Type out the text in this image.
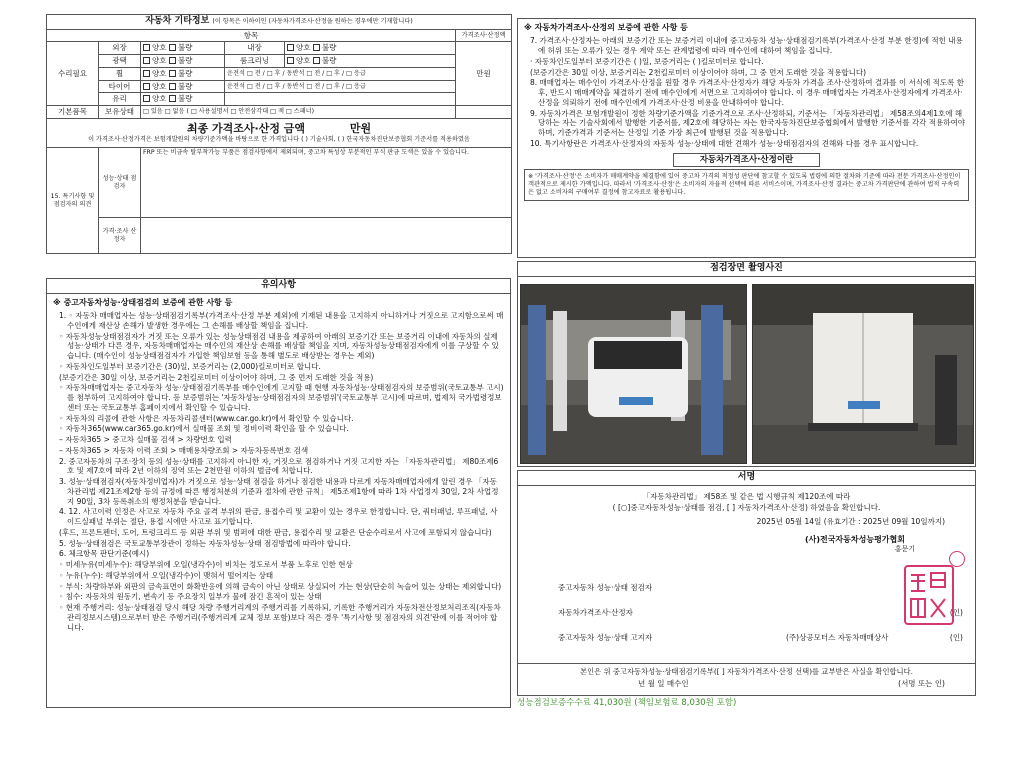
자동차 기타정보 (이 항목은 이하이인 (자동차가격조사·산정을 원하는 경우에만 기재합니다)					
항목					가격조사·산정액
수리필요	외장	양호 불량	내장	양호 불량	만원
	광택	양호 불량	룸크리닝	양호 불량	
	휠	양호 불량	운전석 □ 전 / □ 후 / 동반석 □ 전 / □ 후 / □ 응급		
	타이어	양호 불량	운전석 □ 전 / □ 후 / 동반석 □ 전 / □ 후 / □ 응급		
	유리	양호 불량			
기본품목	보유상태	□ 있음 □ 없음 ( □ 사용설명서 □ 안전삼각대 □ 잭 □ 스패너)			
최종 가격조사·산정 금액 만원
이 가격조사·산정가격은 보험개발원의 차량기준가액을 바탕으로 한 가격입니다 ( ) 기술사회, ( ) 한국자동차진단보증협회 기준서를 적용하였음					

15. 특기사항 및 점검자의 의견	성능·상태 점검자	FRP 또는 비금속 탈부착가능 부품은 점검사항에서 제외되며, 중고차 특성상 부분적인 부식 판금 도색은 있을 수 있습니다.			
	가격·조사 산정자				
유의사항
※ 중고자동차성능·상태점검의 보증에 관한 사항 등
1. ◦ 자동차 매매업자는 성능·상태점검기록부(가격조사·산정 부분 제외)에 기재된 내용을 고지하지 아니하거나 거짓으로 고지함으로써 매수인에게 재산상 손해가 발생한 경우에는 그 손해를 배상할 책임을 집니다.
◦ 자동차성능상태점검자가 거짓 또는 오류가 있는 성능상태점검 내용을 제공하여 아래의 보증기간 또는 보증거리 이내에 자동차의 실제 성능·상태가 다른 경우, 자동차매매업자는 매수인의 재산상 손해를 배상할 책임을 지며, 자동차성능상태점검자에게 이를 구상할 수 있습니다. (매수인이 성능상태점검자가 가입한 책임보험 등을 통해 별도로 배상받는 경우는 제외)
◦ 자동차인도일부터 보증기간은 (30)일, 보증거리는 (2,000)킬로미터로 합니다.
(보증기간은 30일 이상, 보증거리는 2천킬로미터 이상이어야 하며, 그 중 먼저 도래한 것을 적용)
◦ 자동차매매업자는 중고자동차 성능·상태점검기록부를 매수인에게 고지할 때 현행 자동차성능·상태점검자의 보증범위(국토교통부 고시)를 첨부하여 고지하여야 합니다. 등 보증범위는 '자동차성능·상태점검자의 보증범위'(국토교통부 고시)에 따르며, 법제처 국가법령정보센터 또는 국토교통부 홈페이지에서 확인할 수 있습니다.
◦ 자동차의 리콜에 관한 사항은 자동차리콜센터(www.car.go.kr)에서 확인할 수 있습니다.
◦ 자동차365(www.car365.go.kr)에서 실매물 조회 및 정비이력 확인을 할 수 있습니다.
– 자동차365 > 중고차 실매물 검색 > 차량번호 입력
– 자동차365 > 자동차 이력 조회 > 매매용차량조회 > 자동차등록번호 검색
2. 중고자동차의 구조·장치 등의 성능·상태를 고지하지 아니한 자, 거짓으로 점검하거나 거짓 고지한 자는 「자동차관리법」 제80조제6호 및 제7호에 따라 2년 이하의 징역 또는 2천만원 이하의 벌금에 처합니다.
3. 성능·상태점검자(자동차정비업자)가 거짓으로 성능·상태 점검을 하거나 점검한 내용과 다르게 자동차매매업자에게 알린 경우 「자동차관리법 제21조제2항 등의 규정에 따른 행정처분의 기준과 절차에 관한 규칙」 제5조제1항에 따라 1차 사업정지 30일, 2차 사업정지 90일, 3차 등록취소의 행정처분을 받습니다.
4. 12. 사고이력 인정은 사고로 자동차 주요 골격 부위의 판금, 용접수리 및 교환이 있는 경우로 한정합니다. 단, 쿼터패널, 루프패널, 사이드실패널 부위는 절단, 용접 시에만 사고로 표기합니다.
(후드, 프론트펜더, 도어, 트렁크리드 등 외판 부위 및 범퍼에 대한 판금, 용접수리 및 교환은 단순수리로서 사고에 포함되지 않습니다)
5. 성능·상태점검은 국토교통부장관이 정하는 자동차성능·상태 점검방법에 따라야 합니다.
6. 체크항목 판단기준(예시)
◦ 미세누유(미세누수): 해당부위에 오일(냉각수)이 비치는 정도로서 부품 노후로 인한 현상
◦ 누유(누수): 해당부위에서 오일(냉각수)이 맺혀서 떨어지는 상태
◦ 부식: 차량하부와 외판의 금속표면이 화확반응에 의해 금속이 아닌 상태로 상실되어 가는 현상(단순히 녹슬어 있는 상태는 제외합니다)
◦ 침수: 자동차의 원동기, 변속기 등 주요장치 일부가 물에 잠긴 흔적이 있는 상태
◦ 현재 주행거리: 성능·상태점검 당시 해당 차량 주행거리계의 주행거리를 기록하되, 기록한 주행거리가 자동차전산정보처리조직(자동차관리정보시스템)으로부터 받은 주행거리(주행거리계 교체 정보 포함)보다 적은 경우 '특기사항 및 점검자의 의견'란에 이를 적어야 합니다.
※ 자동차가격조사·산정의 보증에 관한 사항 등
7. 가격조사·산정자는 아래의 보증기간 또는 보증거리 이내에 중고자동차 성능·상태점검기록부(가격조사·산정 부분 한정)에 적힌 내용에 허위 또는 오류가 있는 경우 계약 또는 관계법령에 따라 매수인에 대하여 책임을 집니다.
· 자동차인도일부터 보증기간은 ( )일, 보증거리는 ( )킬로미터로 합니다.
(보증기간은 30일 이상, 보증거리는 2천킬로미터 이상이어야 하며, 그 중 먼저 도래한 것을 적용합니다)
8. 매매업자는 매수인이 가격조사·산정을 원할 경우 가격조사·산정자가 해당 자동차 가격을 조사·산정하여 결과를 이 서식에 적도록 한 후, 반드시 매매계약을 체결하기 전에 매수인에게 서면으로 고지하여야 합니다. 이 경우 매매업자는 가격조사·산정자에게 가격조사·산정을 의뢰하기 전에 매수인에게 가격조사·산정 비용을 안내하여야 합니다.
9. 자동차가격은 보험개발원이 정한 차량기준가액을 기준가격으로 조사·산정하되, 기준서는 「자동차관리법」 제58조의4제1호에 해당하는 자는 기술사회에서 발행한 기준서를, 제2호에 해당하는 자는 한국자동차진단보증협회에서 발행한 기준서를 각각 적용하여야 하며, 기준가격과 기준서는 산정일 기준 가장 최근에 발행된 것을 적용합니다.
10. 특기사항란은 가격조사·산정자의 자동차 성능·상태에 대한 견해가 성능·상태점검자의 견해와 다를 경우 표시합니다.
자동차가격조사·산정이란
※ '가격조사·산정'은 소비자가 매매계약을 체결함에 있어 중고차 가격의 적정성 판단에 참고할 수 있도록 법령에 의한 절차와 기준에 따라 전문 가격조사·산정인이 객관적으로 제시한 가액입니다. 따라서 '가격조사·산정'은 소비자의 자율적 선택에 따른 서비스이며, 가격조사·산정 결과는 중고차 가격판단에 관하여 법적 구속력은 없고 소비자의 구매여부 결정에 참고자료로 활용됩니다.
점검장면 촬영사진
서명
「자동차관리법」 제58조 및 같은 법 시행규칙 제120조에 따라
( [○]중고자동차성능·상태를 점검, [ ] 자동차가격조사·산정) 하였음을 확인합니다.
2025년 05월 14일 (유효기간 : 2025년 09월 10일까지)
(사)전국자동차성능평가협회
홍문기
중고자동차 성능·상태 점검자
자동차가격조사·산정자	(인)
중고자동차 성능·상태 고지자	(주)상공모터스 자동차매매상사	(인)
본인은 위 중고자동차성능·상태점검기록부([ ] 자동차가격조사·산정 선택)를 교부받은 사실을 확인합니다.
년 월 일 매수인	(서명 또는 인)
성능점검보증수수료 41,030원 (책임보험료 8,030원 포함)
